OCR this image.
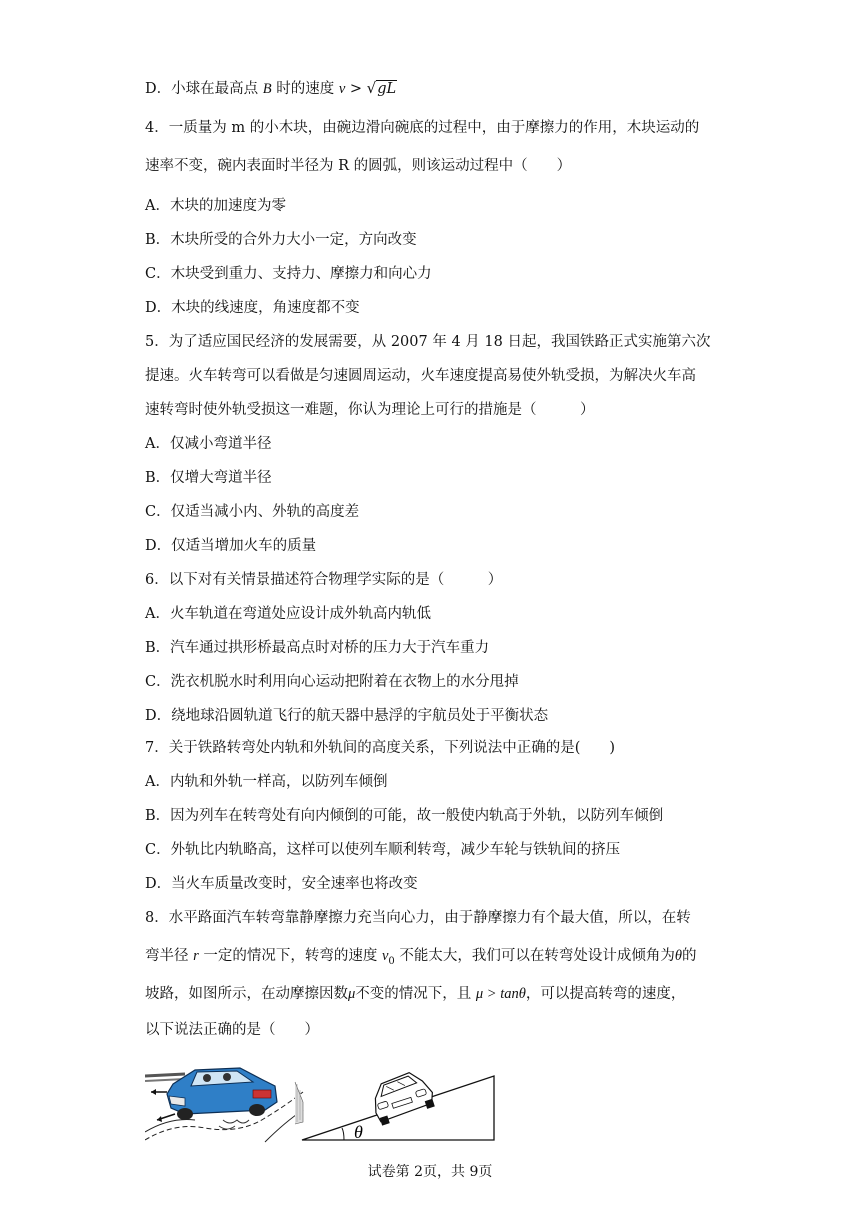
D．小球在最高点 B 时的速度 v > √gL
4．一质量为 m 的小木块，由碗边滑向碗底的过程中，由于摩擦力的作用，木块运动的
速率不变，碗内表面时半径为 R 的圆弧，则该运动过程中（　　）
A．木块的加速度为零
B．木块所受的合外力大小一定，方向改变
C．木块受到重力、支持力、摩擦力和向心力
D．木块的线速度，角速度都不变
5．为了适应国民经济的发展需要，从 2007 年 4 月 18 日起，我国铁路正式实施第六次
提速。火车转弯可以看做是匀速圆周运动，火车速度提高易使外轨受损，为解决火车高
速转弯时使外轨受损这一难题，你认为理论上可行的措施是（　　　）
A．仅减小弯道半径
B．仅增大弯道半径
C．仅适当减小内、外轨的高度差
D．仅适当增加火车的质量
6．以下对有关情景描述符合物理学实际的是（　　　）
A．火车轨道在弯道处应设计成外轨高内轨低
B．汽车通过拱形桥最高点时对桥的压力大于汽车重力
C．洗衣机脱水时利用向心运动把附着在衣物上的水分甩掉
D．绕地球沿圆轨道飞行的航天器中悬浮的宇航员处于平衡状态
7．关于铁路转弯处内轨和外轨间的高度关系，下列说法中正确的是(　　)
A．内轨和外轨一样高，以防列车倾倒
B．因为列车在转弯处有向内倾倒的可能，故一般使内轨高于外轨，以防列车倾倒
C．外轨比内轨略高，这样可以使列车顺利转弯，减少车轮与铁轨间的挤压
D．当火车质量改变时，安全速率也将改变
8．水平路面汽车转弯靠静摩擦力充当向心力，由于静摩擦力有个最大值，所以，在转
弯半径 r 一定的情况下，转弯的速度 $v_0$ 不能太大，我们可以在转弯处设计成倾角为θ的
坡路，如图所示，在动摩擦因数μ不变的情况下，且 μ > tanθ，可以提高转弯的速度，
以下说法正确的是（　　）
θ
试卷第 2页，共 9页
